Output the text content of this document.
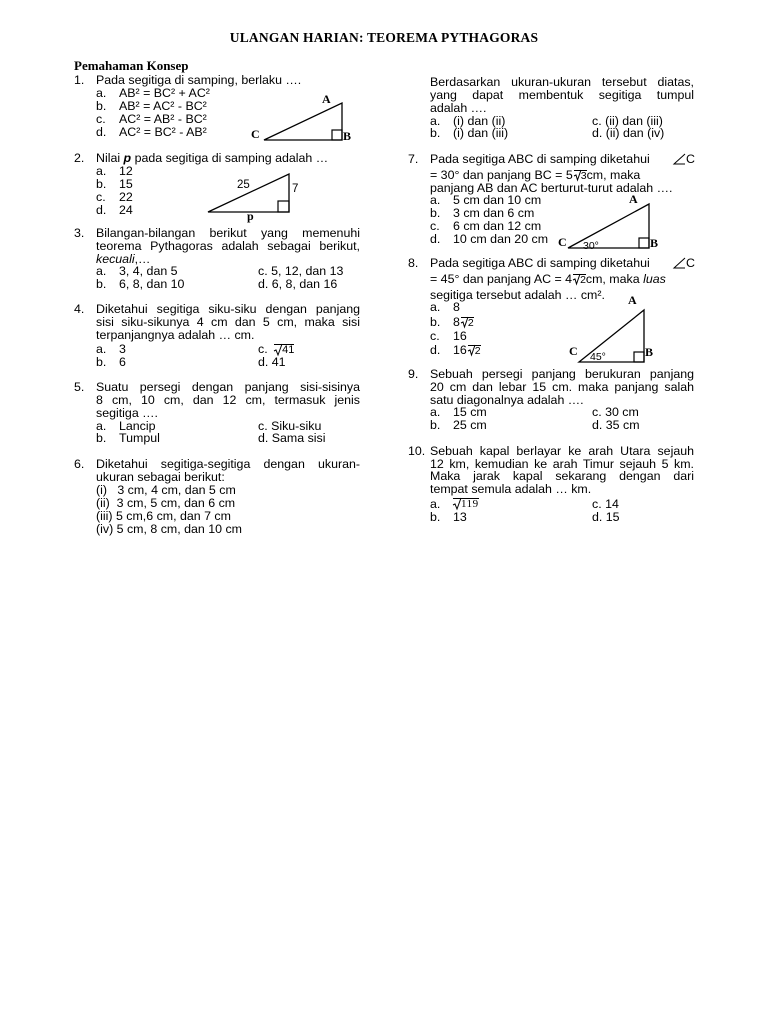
ULANGAN HARIAN: TEOREMA PYTHAGORAS
Pemahaman Konsep
1. Pada segitiga di samping, berlaku ….
a. AB² = BC² + AC²
b. AB² = AC² - BC²
c. AC² = AB² - BC²
d. AC² = BC² - AB²
A
B
C
2. Nilai p pada segitiga di samping adalah …
a. 12
b. 15
c. 22
d. 24
25	7
p
3. Bilangan-bilangan berikut yang memenuhi
teorema Pythagoras adalah sebagai berikut,
kecuali,…
a. 3, 4, dan 5	c. 5, 12, dan 13
b. 6, 8, dan 10	d. 6, 8, dan 16
4. Diketahui segitiga siku-siku dengan panjang
sisi siku-sikunya 4 cm dan 5 cm, maka sisi
terpanjangnya adalah … cm.
a. 3	c. 41
b. 6	d. 41
5. Suatu persegi dengan panjang sisi-sisinya
8 cm, 10 cm, dan 12 cm, termasuk jenis
segitiga ….
a. Lancip	c. Siku-siku
b. Tumpul	d. Sama sisi
6. Diketahui segitiga-segitiga dengan ukuran-
ukuran sebagai berikut:
(i)   3 cm, 4 cm, dan 5 cm
(ii)  3 cm, 5 cm, dan 6 cm
(iii) 5 cm,6 cm, dan 7 cm
(iv) 5 cm, 8 cm, dan 10 cm
Berdasarkan ukuran-ukuran tersebut diatas,
yang dapat membentuk segitiga tumpul
adalah ….
a. (i) dan (ii)	c. (ii) dan (iii)
b. (i) dan (iii)	d. (ii) dan (iv)
7. Pada segitiga ABC di samping diketahui	C
= 30° dan panjang BC = 5 3cm, maka
panjang AB dan AC berturut-turut adalah ….
a. 5 cm dan 10 cm
b. 3 cm dan 6 cm
c. 6 cm dan 12 cm
d. 10 cm dan 20 cm
A
B
C 30°
8. Pada segitiga ABC di samping diketahui	C
= 45° dan panjang AC = 4 2cm, maka luas
segitiga tersebut adalah … cm².
a. 8
b. 8 2
c. 16
d. 16 2
A
B
C 45°
9. Sebuah persegi panjang berukuran panjang
20 cm dan lebar 15 cm. maka panjang salah
satu diagonalnya adalah ….
a. 15 cm	c. 30 cm
b. 25 cm	d. 35 cm
10. Sebuah kapal berlayar ke arah Utara sejauh
12 km, kemudian ke arah Timur sejauh 5 km.
Maka jarak kapal sekarang dengan dari
tempat semula adalah … km.
a.	119	c. 14
b. 13	d. 15
